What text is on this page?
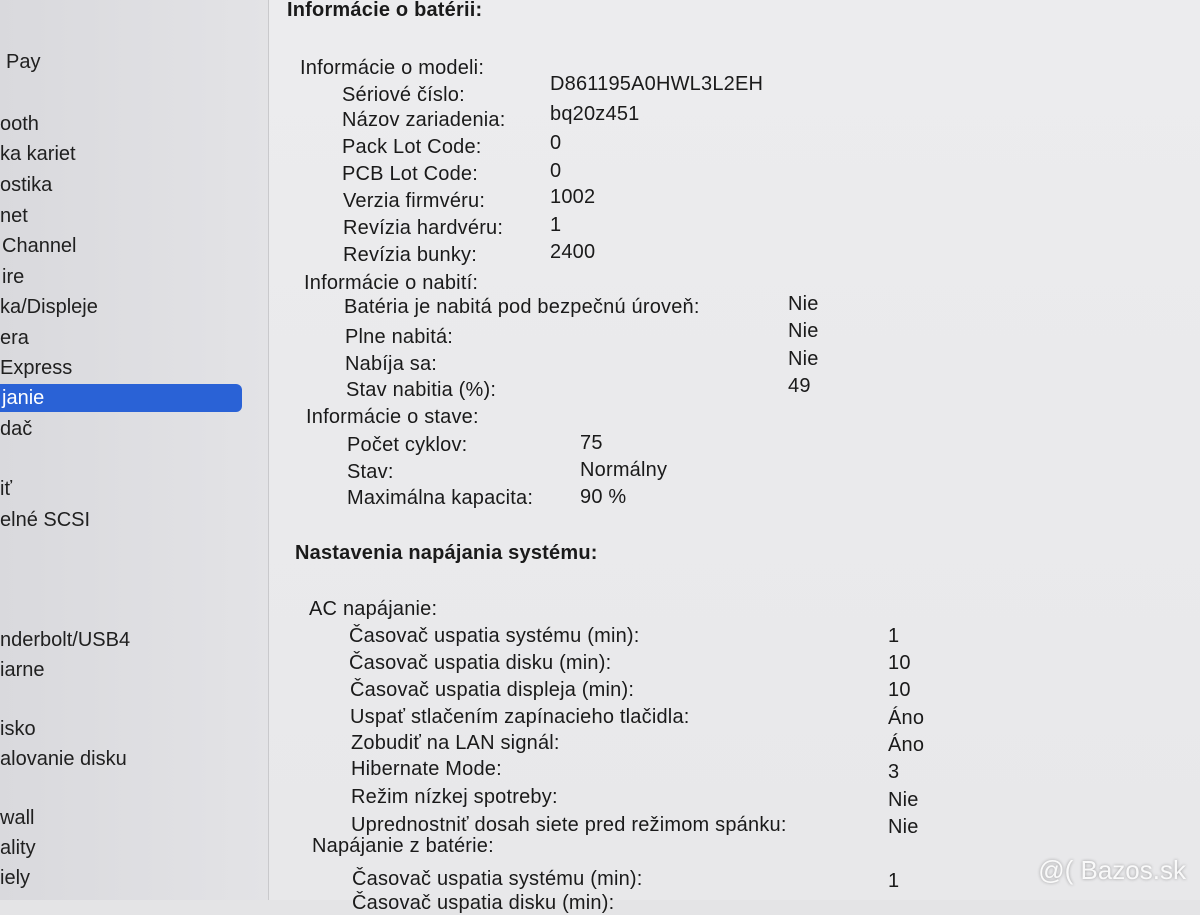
Pay
ooth
ka kariet
ostika
net
Channel
ire
ka/Displeje
era
Express
janie
dač
iť
elné SCSI
nderbolt/USB4
iarne
isko
alovanie disku
wall
ality
iely
Informácie o batérii:
Informácie o modeli:
Sériové číslo:	D861195A0HWL3L2EH
Názov zariadenia: bq20z451
Pack Lot Code:	0
PCB Lot Code:	0
Verzia firmvéru:	1002
Revízia hardvéru: 1
Revízia bunky:	2400
Informácie o nabití:
Batéria je nabitá pod bezpečnú úroveň:	Nie
Plne nabitá:	Nie
Nabíja sa:	Nie
Stav nabitia (%):	49
Informácie o stave:
Počet cyklov:	75
Stav:	Normálny
Maximálna kapacita: 90 %
Nastavenia napájania systému:
AC napájanie:
Časovač uspatia systému (min):	1
Časovač uspatia disku (min):	10
Časovač uspatia displeja (min):	10
Uspať stlačením zapínacieho tlačidla:	Áno
Zobudiť na LAN signál:	Áno
Hibernate Mode:	3
Režim nízkej spotreby:	Nie
Uprednostniť dosah siete pred režimom spánku:	Nie
Napájanie z batérie:
Časovač uspatia systému (min):	1
Časovač uspatia disku (min):
@( Bazos.sk
